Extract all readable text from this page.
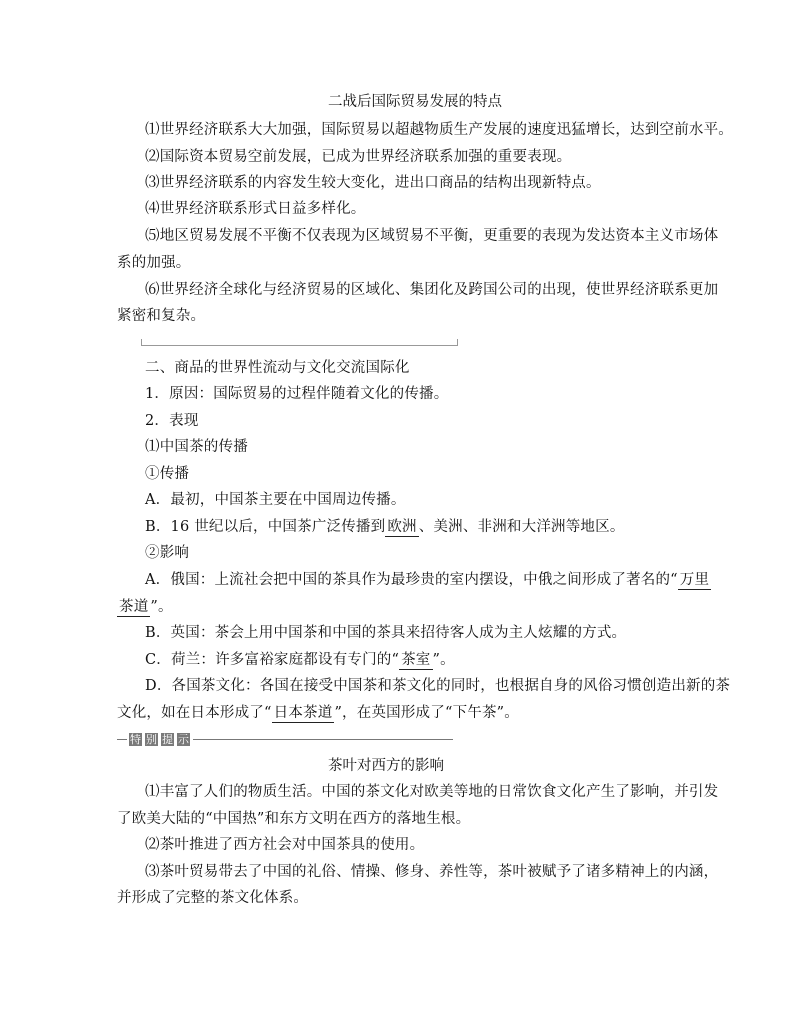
二战后国际贸易发展的特点
⑴世界经济联系大大加强，国际贸易以超越物质生产发展的速度迅猛增长，达到空前水平。
⑵国际资本贸易空前发展，已成为世界经济联系加强的重要表现。
⑶世界经济联系的内容发生较大变化，进出口商品的结构出现新特点。
⑷世界经济联系形式日益多样化。
⑸地区贸易发展不平衡不仅表现为区域贸易不平衡，更重要的表现为发达资本主义市场体
系的加强。
⑹世界经济全球化与经济贸易的区域化、集团化及跨国公司的出现，使世界经济联系更加
紧密和复杂。
二、商品的世界性流动与文化交流国际化
1．原因：国际贸易的过程伴随着文化的传播。
2．表现
⑴中国茶的传播
①传播
A．最初，中国茶主要在中国周边传播。
B．16 世纪以后，中国茶广泛传播到 欧洲 、美洲、非洲和大洋洲等地区。
②影响
A．俄国：上流社会把中国的茶具作为最珍贵的室内摆设，中俄之间形成了著名的“ 万里
茶道 ”。
B．英国：茶会上用中国茶和中国的茶具来招待客人成为主人炫耀的方式。
C．荷兰：许多富裕家庭都设有专门的“ 茶室 ”。
D．各国茶文化：各国在接受中国茶和茶文化的同时，也根据自身的风俗习惯创造出新的茶
文化，如在日本形成了“ 日本茶道 ”，在英国形成了“下午茶”。
特 别 提 示
茶叶对西方的影响
⑴丰富了人们的物质生活。中国的茶文化对欧美等地的日常饮食文化产生了影响，并引发
了欧美大陆的“中国热”和东方文明在西方的落地生根。
⑵茶叶推进了西方社会对中国茶具的使用。
⑶茶叶贸易带去了中国的礼俗、情操、修身、养性等，茶叶被赋予了诸多精神上的内涵，
并形成了完整的茶文化体系。
